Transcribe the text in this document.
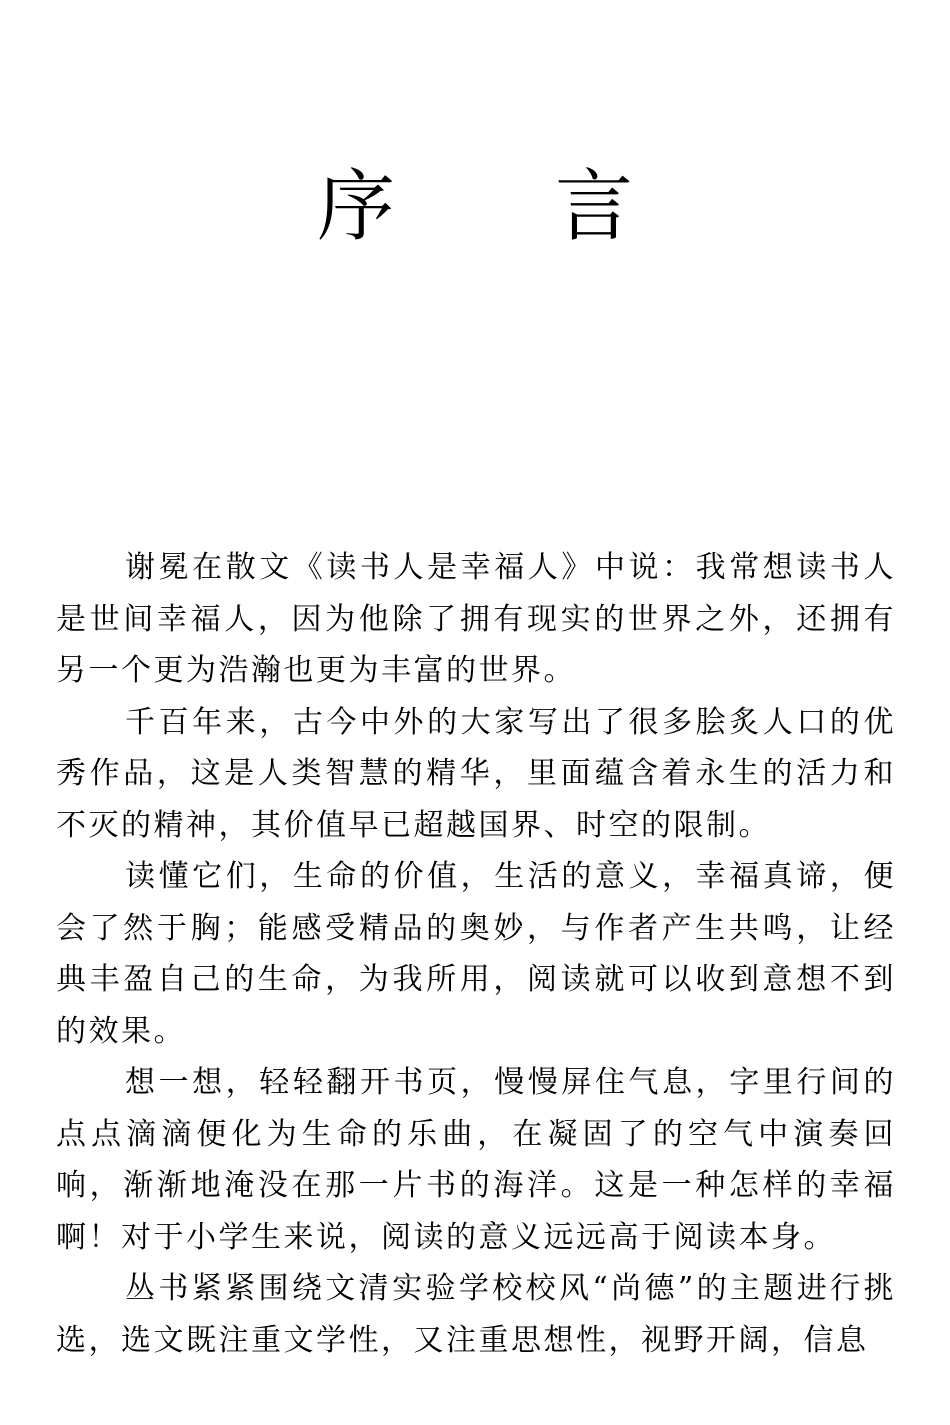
序 言

谢冕在散文《读书人是幸福人》中说：我常想读书人是世间幸福人，因为他除了拥有现实的世界之外，还拥有另一个更为浩瀚也更为丰富的世界。

千百年来，古今中外的大家写出了很多脍炙人口的优秀作品，这是人类智慧的精华，里面蕴含着永生的活力和不灭的精神，其价值早已超越国界、时空的限制。

读懂它们，生命的价值，生活的意义，幸福真谛，便会了然于胸；能感受精品的奥妙，与作者产生共鸣，让经典丰盈自己的生命，为我所用，阅读就可以收到意想不到的效果。

想一想，轻轻翻开书页，慢慢屏住气息，字里行间的点点滴滴便化为生命的乐曲，在凝固了的空气中演奏回响，渐渐地淹没在那一片书的海洋。这是一种怎样的幸福啊！对于小学生来说，阅读的意义远远高于阅读本身。

丛书紧紧围绕文清实验学校校风“尚德”的主题进行挑选，选文既注重文学性，又注重思想性，视野开阔，信息
